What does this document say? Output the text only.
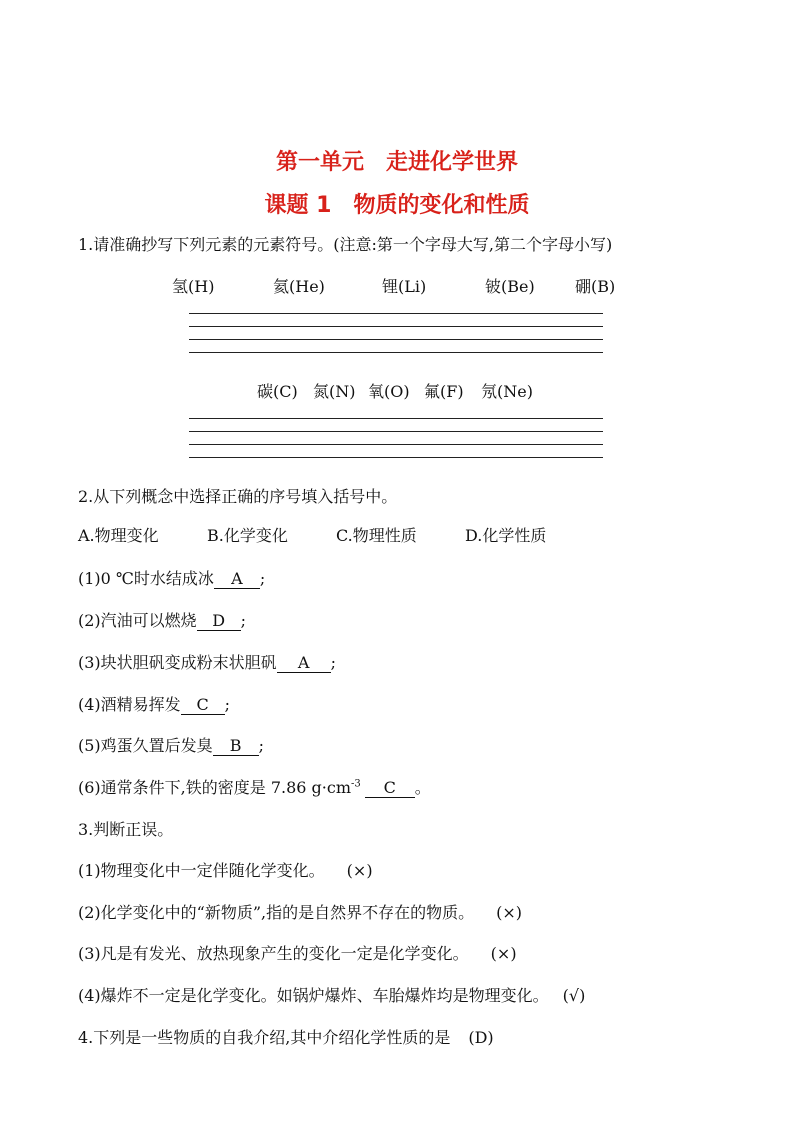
第一单元　走进化学世界
课题 1　物质的变化和性质
1.请准确抄写下列元素的元素符号。(注意:第一个字母大写,第二个字母小写)
氢(H)	氦(He)	锂(Li)	铍(Be)	硼(B)
碳(C) 氮(N) 氧(O) 氟(F) 氖(Ne)
2.从下列概念中选择正确的序号填入括号中。
A.物理变化	B.化学变化	C.物理性质	D.化学性质
(1)0 ℃时水结成冰 A ;
(2)汽油可以燃烧 D ;
(3)块状胆矾变成粉末状胆矾 A ;
(4)酒精易挥发 C ;
(5)鸡蛋久置后发臭 B ;
(6)通常条件下,铁的密度是 7.86 $g\cdot cm^{-3}$ C 。
3.判断正误。
(1)物理变化中一定伴随化学变化。 (×)
(2)化学变化中的“新物质”,指的是自然界不存在的物质。 (×)
(3)凡是有发光、放热现象产生的变化一定是化学变化。 (×)
(4)爆炸不一定是化学变化。如锅炉爆炸、车胎爆炸均是物理变化。 (√)
4.下列是一些物质的自我介绍,其中介绍化学性质的是 (D)
